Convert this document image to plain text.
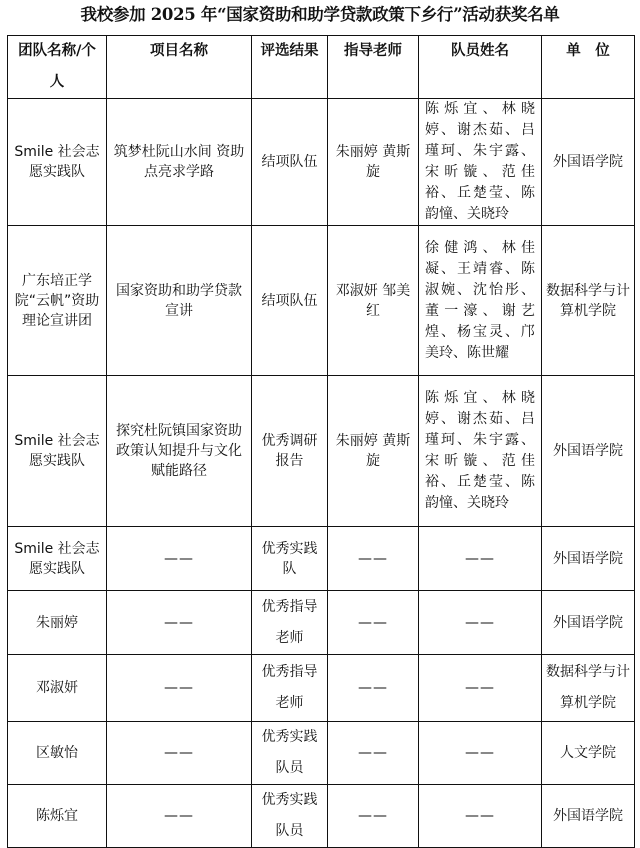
我校参加 2025 年“国家资助和助学贷款政策下乡行”活动获奖名单
团队名称/个人	项目名称	评选结果	指导老师	队员姓名	单　位
Smile 社会志愿实践队	筑梦杜阮山水间 资助点亮求学路	结项队伍	朱丽婷 黄斯旋	陈烁宜、林晓婷、谢杰茹、吕瑾珂、朱宇露、宋昕镟、范佳裕、丘楚莹、陈韵憧、关晓玲	外国语学院
广东培正学院“云帆”资助理论宣讲团	国家资助和助学贷款宣讲	结项队伍	邓淑妍 邹美红	徐健鸿、林佳凝、王靖睿、陈淑婉、沈怡彤、董一濠、谢艺煌、杨宝灵、邝美玲、陈世耀	数据科学与计算机学院
Smile 社会志愿实践队	探究杜阮镇国家资助政策认知提升与文化赋能路径	优秀调研报告	朱丽婷 黄斯旋	陈烁宜、林晓婷、谢杰茹、吕瑾珂、朱宇露、宋昕镟、范佳裕、丘楚莹、陈韵憧、关晓玲	外国语学院
Smile 社会志愿实践队	——	优秀实践队	——	——	外国语学院
朱丽婷	——	优秀指导老师	——	——	外国语学院
邓淑妍	——	优秀指导老师	——	——	数据科学与计算机学院
区敏怡	——	优秀实践队员	——	——	人文学院
陈烁宜	——	优秀实践队员	——	——	外国语学院
